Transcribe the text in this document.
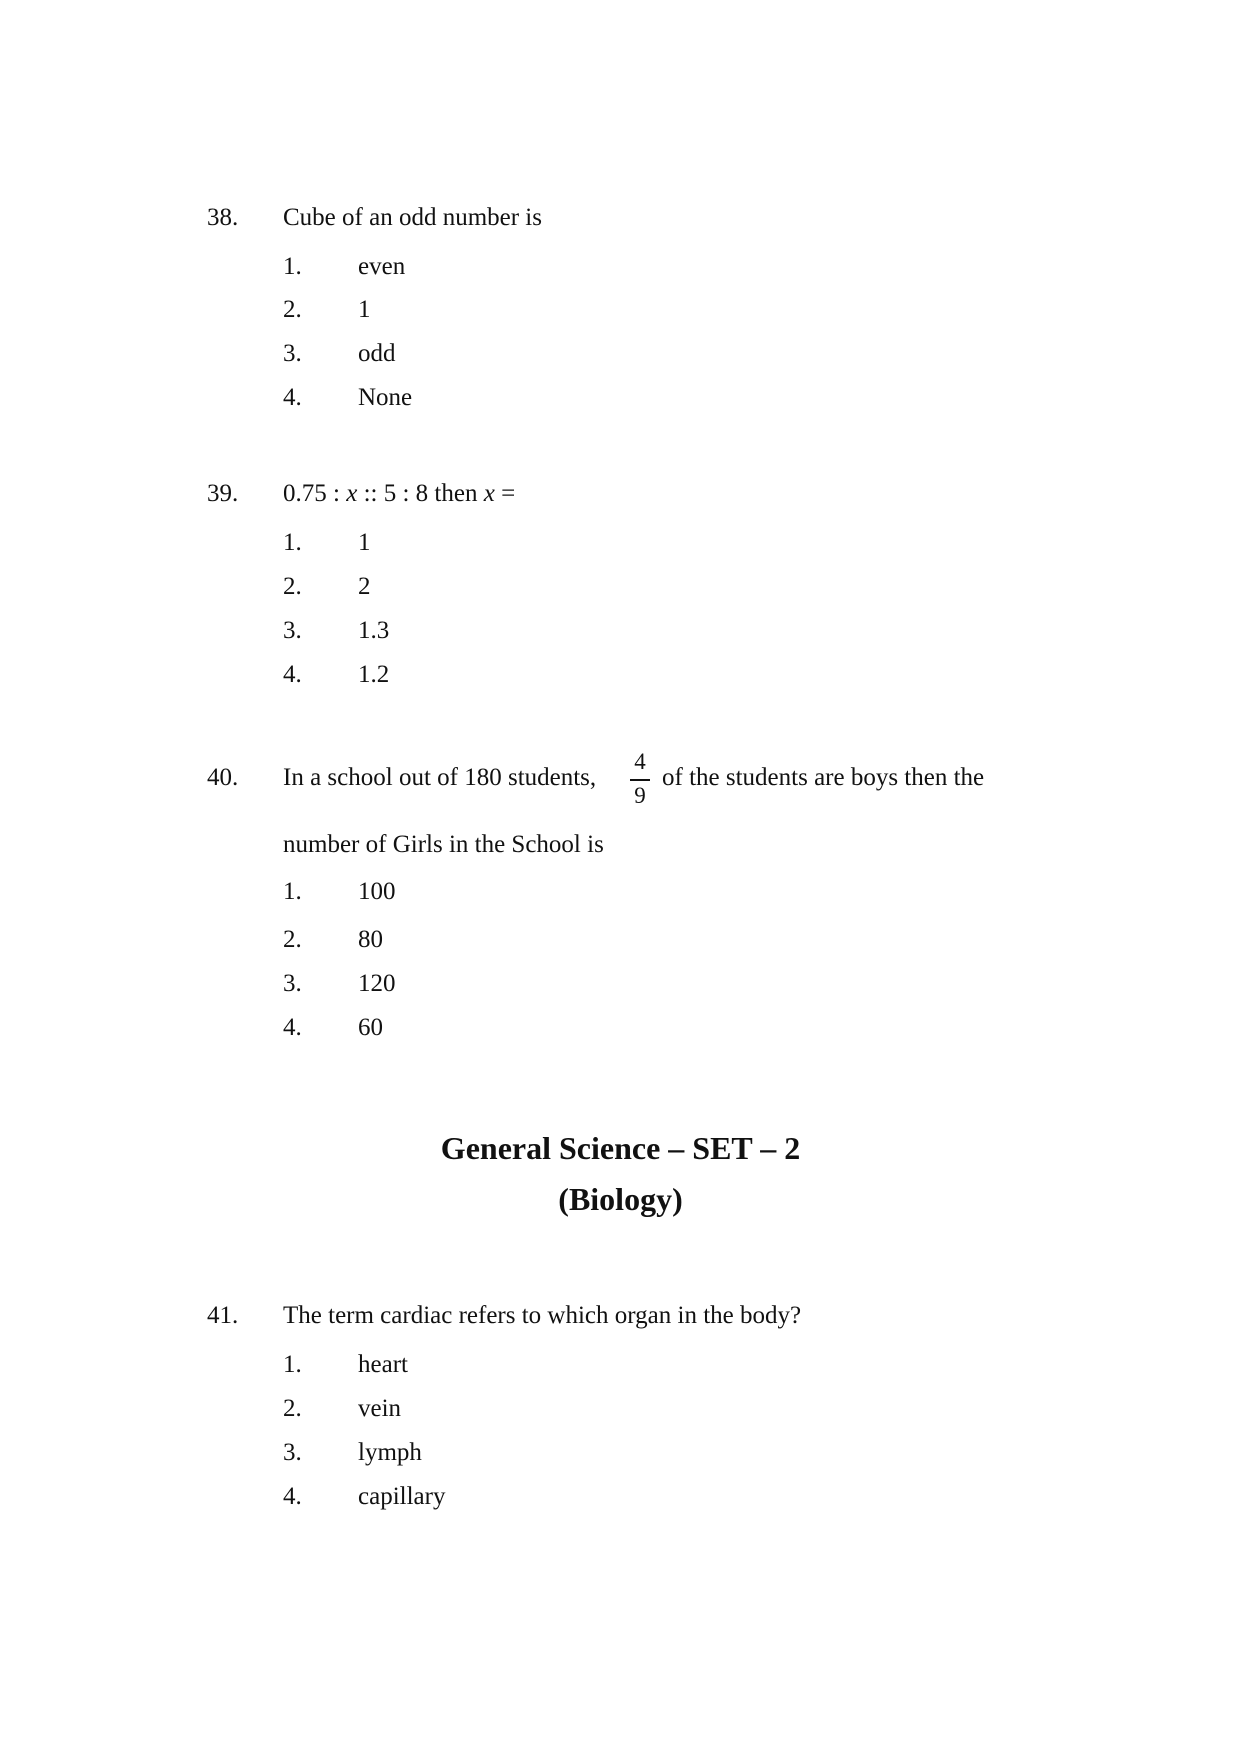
38. Cube of an odd number is
1. even
2. 1
3. odd
4. None
39. 0.75 : x :: 5 : 8 then x =
1. 1
2. 2
3. 1.3
4. 1.2
40. In a school out of 180 students,
4
9
of the students are boys then the
number of Girls in the School is
1. 100
2. 80
3. 120
4. 60
General Science – SET – 2
(Biology)
41. The term cardiac refers to which organ in the body?
1. heart
2. vein
3. lymph
4. capillary
